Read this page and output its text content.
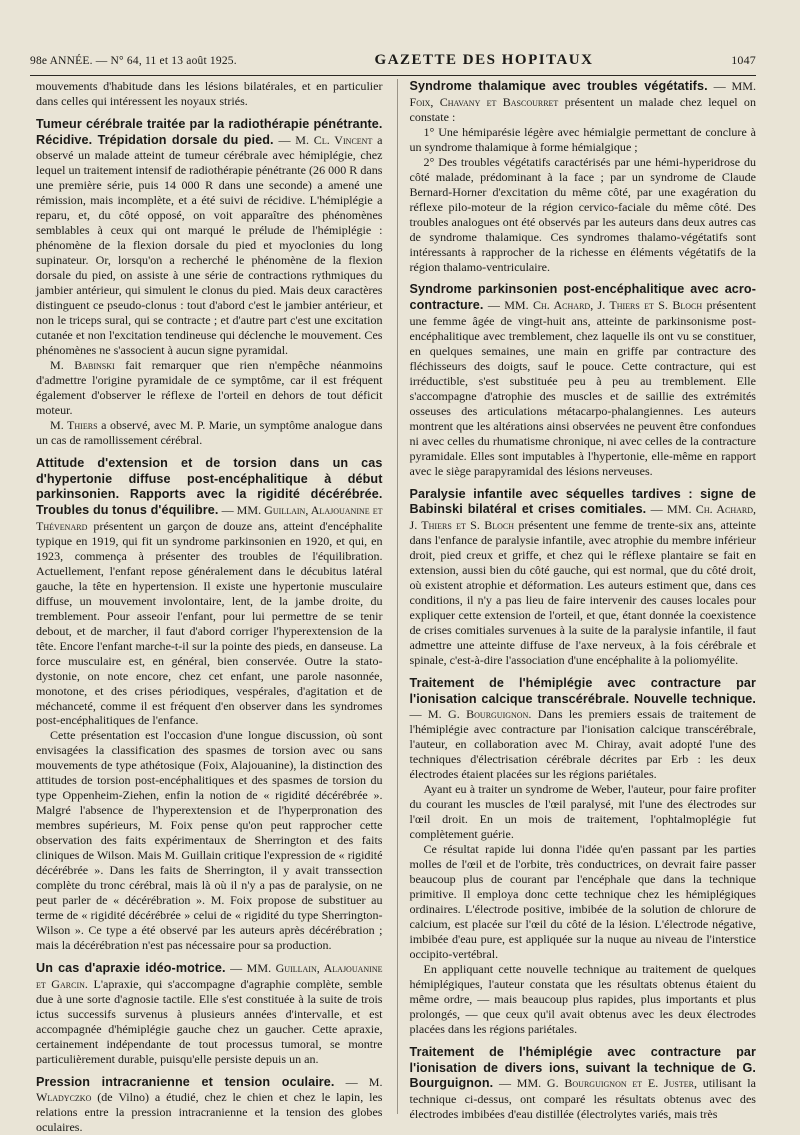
98e ANNÉE. — N° 64, 11 et 13 août 1925.	GAZETTE DES HOPITAUX	1047

mouvements d'habitude dans les lésions bilatérales, et en particulier dans celles qui intéressent les noyaux striés.

Tumeur cérébrale traitée par la radiothérapie pénétrante. Récidive. Trépidation dorsale du pied. — M. Cl. Vincent a observé un malade atteint de tumeur cérébrale avec hémiplégie, chez lequel un traitement intensif de radiothérapie pénétrante (26 000 R dans une première série, puis 14 000 R dans une seconde) a amené une rémission, mais incomplète, et a été suivi de récidive. L'hémiplégie a reparu, et, du côté opposé, on voit apparaître des phénomènes semblables à ceux qui ont marqué le prélude de l'hémiplégie : phénomène de la flexion dorsale du pied et myoclonies du long supinateur. Or, lorsqu'on a recherché le phénomène de la flexion dorsale du pied, on assiste à une série de contractions rythmiques du jambier antérieur, qui simulent le clonus du pied. Mais deux caractères distinguent ce pseudo-clonus : tout d'abord c'est le jambier antérieur, et non le triceps sural, qui se contracte ; et d'autre part c'est une excitation cutanée et non l'excitation tendineuse qui déclenche le mouvement. Ces phénomènes ne s'associent à aucun signe pyramidal.

M. Babinski fait remarquer que rien n'empêche néanmoins d'admettre l'origine pyramidale de ce symptôme, car il est fréquent également d'observer le réflexe de l'orteil en dehors de tout déficit moteur.

M. Thiers a observé, avec M. P. Marie, un symptôme analogue dans un cas de ramollissement cérébral.

Attitude d'extension et de torsion dans un cas d'hypertonie diffuse post-encéphalitique à début parkinsonien. Rapports avec la rigidité décérébrée. Troubles du tonus d'équilibre. — MM. Guillain, Alajouanine et Thévenard présentent un garçon de douze ans, atteint d'encéphalite typique en 1919, qui fit un syndrome parkinsonien en 1920, et qui, en 1923, commença à présenter des troubles de l'équilibration. Actuellement, l'enfant repose généralement dans le décubitus latéral gauche, la tête en hypertension. Il existe une hypertonie musculaire diffuse, un mouvement involontaire, lent, de la jambe droite, du tremblement. Pour asseoir l'enfant, pour lui permettre de se tenir debout, et de marcher, il faut d'abord corriger l'hyperextension de la tête. Encore l'enfant marche-t-il sur la pointe des pieds, en danseuse. La force musculaire est, en général, bien conservée. Outre la stato-dystonie, on note encore, chez cet enfant, une parole nasonnée, monotone, et des crises périodiques, vespérales, d'agitation et de méchanceté, comme il est fréquent d'en observer dans les syndromes post-encéphalitiques de l'enfance.

Cette présentation est l'occasion d'une longue discussion, où sont envisagées la classification des spasmes de torsion avec ou sans mouvements de type athétosique (Foix, Alajouanine), la distinction des attitudes de torsion post-encéphalitiques et des spasmes de torsion du type Oppenheim-Ziehen, enfin la notion de « rigidité décérébrée ». Malgré l'absence de l'hyperextension et de l'hyperpronation des membres supérieurs, M. Foix pense qu'on peut rapprocher cette observation des faits expérimentaux de Sherrington et des faits cliniques de Wilson. Mais M. Guillain critique l'expression de « rigidité décérébrée ». Dans les faits de Sherrington, il y avait transsection complète du tronc cérébral, mais là où il n'y a pas de paralysie, on ne peut parler de « décérébration ». M. Foix propose de substituer au terme de « rigidité décérébrée » celui de « rigidité du type Sherrington-Wilson ». Ce type a été observé par les auteurs après décérébration ; mais la décérébration n'est pas nécessaire pour sa production.

Un cas d'apraxie idéo-motrice. — MM. Guillain, Alajouanine et Garcin. L'apraxie, qui s'accompagne d'agraphie complète, semble due à une sorte d'agnosie tactile. Elle s'est constituée à la suite de trois ictus successifs survenus à plusieurs années d'intervalle, et est accompagnée d'hémiplégie gauche chez un gaucher. Cette apraxie, certainement indépendante de tout processus tumoral, se montre particulièrement durable, puisqu'elle persiste depuis un an.

Pression intracranienne et tension oculaire. — M. Wladyczko (de Vilno) a étudié, chez le chien et chez le lapin, les relations entre la pression intracranienne et la tension des globes oculaires.

Syndrome thalamique avec troubles végétatifs. — MM. Foix, Chavany et Bascourret présentent un malade chez lequel on constate :

1° Une hémiparésie légère avec hémialgie permettant de conclure à un syndrome thalamique à forme hémialgique ;

2° Des troubles végétatifs caractérisés par une hémi-hyperidrose du côté malade, prédominant à la face ; par un syndrome de Claude Bernard-Horner d'excitation du même côté, par une exagération du réflexe pilo-moteur de la région cervico-faciale du même côté. Des troubles analogues ont été observés par les auteurs dans deux autres cas de syndrome thalamique. Ces syndromes thalamo-végétatifs sont intéressants à rapprocher de la richesse en éléments végétatifs de la région thalamo-ventriculaire.

Syndrome parkinsonien post-encéphalitique avec acro-contracture. — MM. Ch. Achard, J. Thiers et S. Bloch présentent une femme âgée de vingt-huit ans, atteinte de parkinsonisme post-encéphalitique avec tremblement, chez laquelle ils ont vu se constituer, en quelques semaines, une main en griffe par contracture des fléchisseurs des doigts, sauf le pouce. Cette contracture, qui est irréductible, s'est substituée peu à peu au tremblement. Elle s'accompagne d'atrophie des muscles et de saillie des extrémités osseuses des articulations métacarpo-phalangiennes. Les auteurs montrent que les altérations ainsi observées ne peuvent être confondues ni avec celles du rhumatisme chronique, ni avec celles de la contracture pyramidale. Elles sont imputables à l'hypertonie, elle-même en rapport avec le siège parapyramidal des lésions nerveuses.

Paralysie infantile avec séquelles tardives : signe de Babinski bilatéral et crises comitiales. — MM. Ch. Achard, J. Thiers et S. Bloch présentent une femme de trente-six ans, atteinte dans l'enfance de paralysie infantile, avec atrophie du membre inférieur droit, pied creux et griffe, et chez qui le réflexe plantaire se fait en extension, aussi bien du côté gauche, qui est normal, que du côté droit, où existent atrophie et déformation. Les auteurs estiment que, dans ces conditions, il n'y a pas lieu de faire intervenir des causes locales pour expliquer cette extension de l'orteil, et que, étant donnée la coexistence de crises comitiales survenues à la suite de la paralysie infantile, il faut admettre une atteinte diffuse de l'axe nerveux, à la fois cérébrale et spinale, c'est-à-dire l'association d'une encéphalite à la poliomyélite.

Traitement de l'hémiplégie avec contracture par l'ionisation calcique transcérébrale. Nouvelle technique. — M. G. Bourguignon. Dans les premiers essais de traitement de l'hémiplégie avec contracture par l'ionisation calcique transcérébrale, l'auteur, en collaboration avec M. Chiray, avait adopté l'une des techniques d'électrisation cérébrale décrites par Erb : les deux électrodes étaient placées sur les régions pariétales.

Ayant eu à traiter un syndrome de Weber, l'auteur, pour faire profiter du courant les muscles de l'œil paralysé, mit l'une des électrodes sur l'œil droit. En un mois de traitement, l'ophtalmoplégie fut complètement guérie.

Ce résultat rapide lui donna l'idée qu'en passant par les parties molles de l'œil et de l'orbite, très conductrices, on devrait faire passer beaucoup plus de courant par l'encéphale que dans la technique primitive. Il employa donc cette technique chez les hémiplégiques ordinaires. L'électrode positive, imbibée de la solution de chlorure de calcium, est placée sur l'œil du côté de la lésion. L'électrode négative, imbibée d'eau pure, est appliquée sur la nuque au niveau de l'interstice occipito-vertébral.

En appliquant cette nouvelle technique au traitement de quelques hémiplégiques, l'auteur constata que les résultats obtenus étaient du même ordre, — mais beaucoup plus rapides, plus importants et plus prolongés, — que ceux qu'il avait obtenus avec les deux électrodes placées dans les régions pariétales.

Traitement de l'hémiplégie avec contracture par l'ionisation de divers ions, suivant la technique de G. Bourguignon. — MM. G. Bourguignon et E. Juster, utilisant la technique ci-dessus, ont comparé les résultats obtenus avec des électrodes imbibées d'eau distillée (électrolytes variés, mais très
